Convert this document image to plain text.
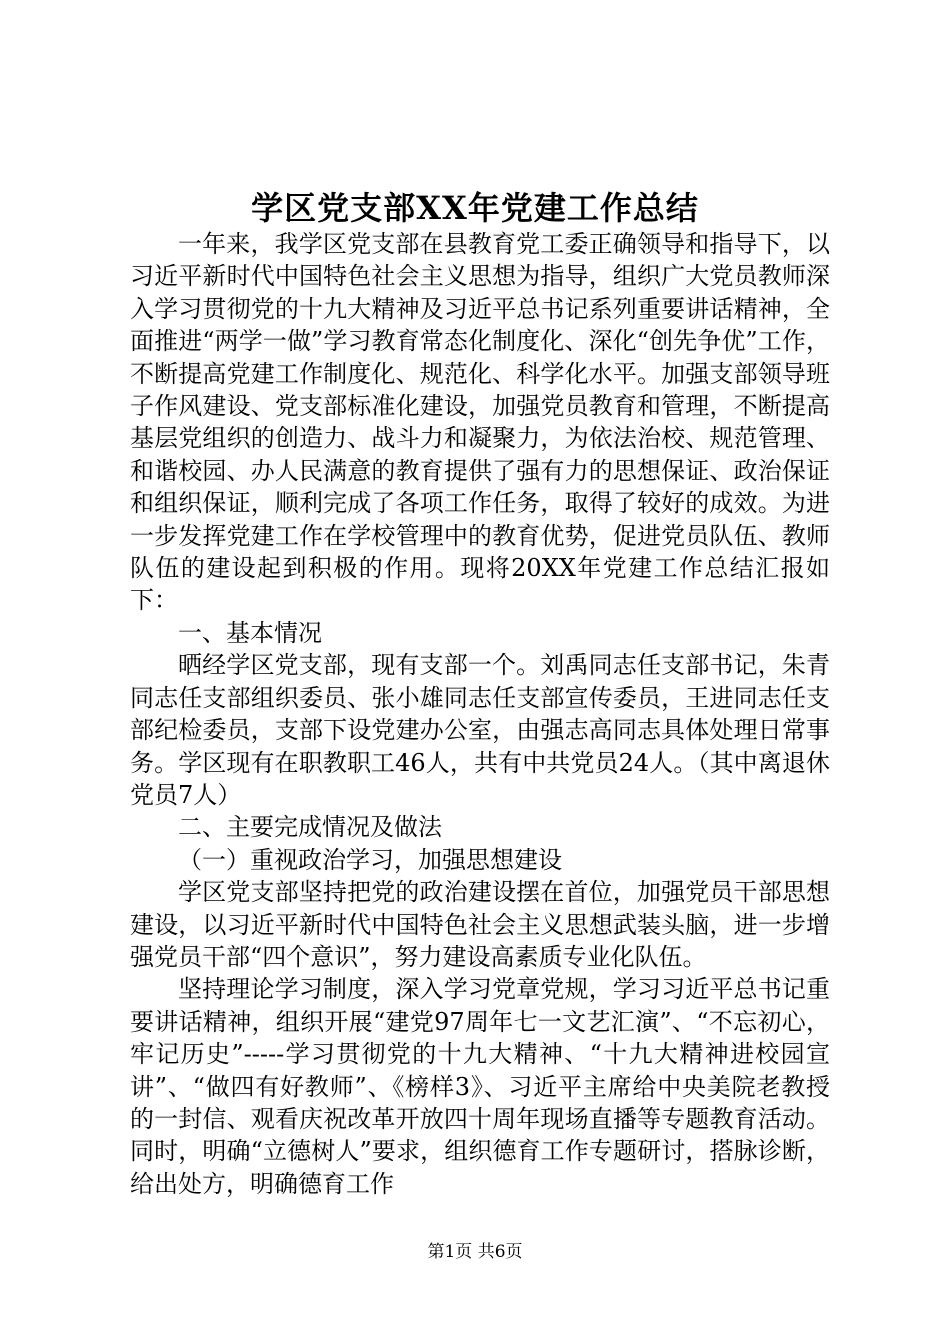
学区党支部XX年党建工作总结

一年来，我学区党支部在县教育党工委正确领导和指导下，以习近平新时代中国特色社会主义思想为指导，组织广大党员教师深入学习贯彻党的十九大精神及习近平总书记系列重要讲话精神，全面推进“两学一做”学习教育常态化制度化、深化“创先争优”工作，不断提高党建工作制度化、规范化、科学化水平。加强支部领导班子作风建设、党支部标准化建设，加强党员教育和管理，不断提高基层党组织的创造力、战斗力和凝聚力，为依法治校、规范管理、和谐校园、办人民满意的教育提供了强有力的思想保证、政治保证和组织保证，顺利完成了各项工作任务，取得了较好的成效。为进一步发挥党建工作在学校管理中的教育优势，促进党员队伍、教师队伍的建设起到积极的作用。现将20XX年党建工作总结汇报如下：

一、基本情况

晒经学区党支部，现有支部一个。刘禹同志任支部书记，朱青同志任支部组织委员、张小雄同志任支部宣传委员，王进同志任支部纪检委员，支部下设党建办公室，由强志高同志具体处理日常事务。学区现有在职教职工46人，共有中共党员24人。（其中离退休党员7人）

二、主要完成情况及做法

（一）重视政治学习，加强思想建设

学区党支部坚持把党的政治建设摆在首位，加强党员干部思想建设，以习近平新时代中国特色社会主义思想武装头脑，进一步增强党员干部“四个意识”，努力建设高素质专业化队伍。

坚持理论学习制度，深入学习党章党规，学习习近平总书记重要讲话精神，组织开展“建党97周年七一文艺汇演”、“不忘初心，牢记历史”-----学习贯彻党的十九大精神、“十九大精神进校园宣讲”、“做四有好教师”、《榜样3》、习近平主席给中央美院老教授的一封信、观看庆祝改革开放四十周年现场直播等专题教育活动。同时，明确“立德树人”要求，组织德育工作专题研讨，搭脉诊断，给出处方，明确德育工作

第1页 共6页
